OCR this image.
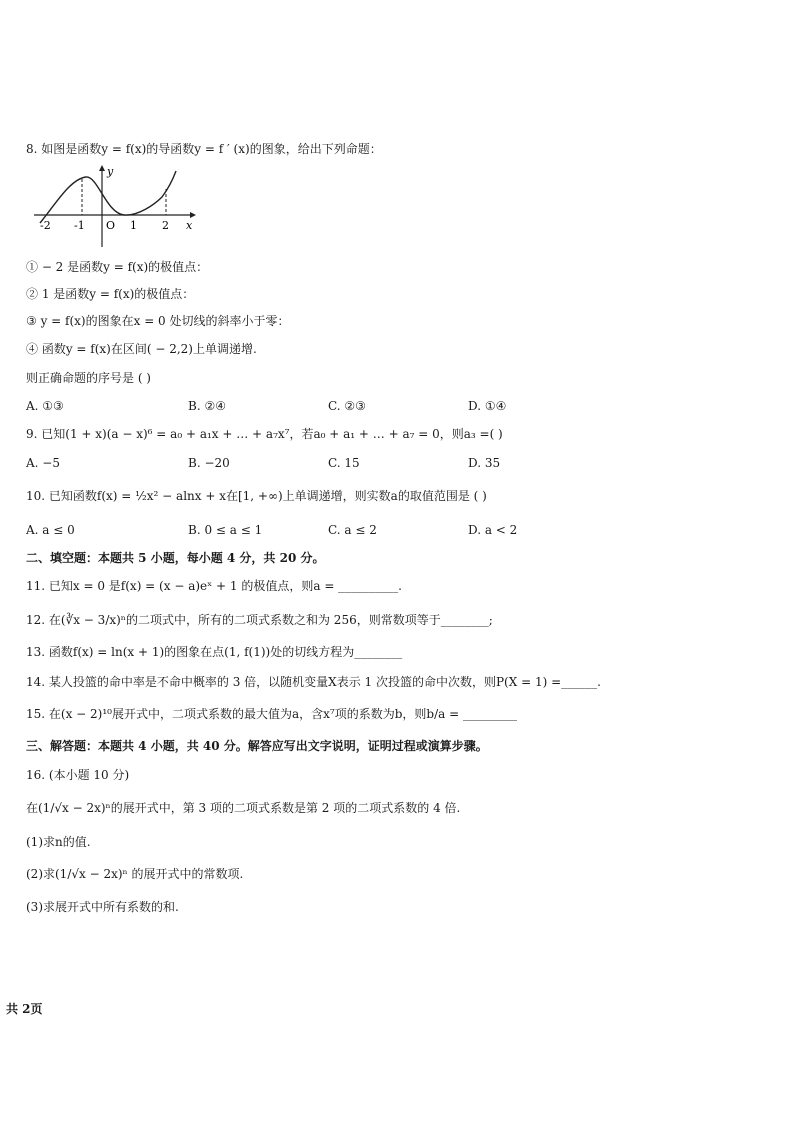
8. 如图是函数y = f(x)的导函数y = f ′ (x)的图象，给出下列命题：
y
x
O
-2 -1	1 2
① − 2 是函数y = f(x)的极值点：
② 1 是函数y = f(x)的极值点：
③ y = f(x)的图象在x = 0 处切线的斜率小于零：
④ 函数y = f(x)在区间( − 2,2)上单调递增.
则正确命题的序号是 ( )
A. ①③	B. ②④	C. ②③	D. ①④
9. 已知(1 + x)(a − x)⁶ = a₀ + a₁x + … + a₇x⁷，若a₀ + a₁ + … + a₇ = 0，则a₃ =( )
A. −5	B. −20	C. 15	D. 35
10. 已知函数f(x) = ½x² − alnx + x在[1, +∞)上单调递增，则实数a的取值范围是 ( )
A. a ≤ 0	B. 0 ≤ a ≤ 1	C. a ≤ 2	D. a < 2
二、填空题：本题共 5 小题，每小题 4 分，共 20 分。
11. 已知x = 0 是f(x) = (x − a)eˣ + 1 的极值点，则a = __________.
12. 在(∛x − 3/x)ⁿ的二项式中，所有的二项式系数之和为 256，则常数项等于________;
13. 函数f(x) = ln(x + 1)的图象在点(1, f(1))处的切线方程为________
14. 某人投篮的命中率是不命中概率的 3 倍，以随机变量X表示 1 次投篮的命中次数，则P(X = 1) =______.
15. 在(x − 2)¹⁰展开式中，二项式系数的最大值为a，含x⁷项的系数为b，则b/a = _________
三、解答题：本题共 4 小题，共 40 分。解答应写出文字说明，证明过程或演算步骤。
16. (本小题 10 分)
在(1/√x − 2x)ⁿ的展开式中，第 3 项的二项式系数是第 2 项的二项式系数的 4 倍.
(1)求n的值.
(2)求(1/√x − 2x)ⁿ 的展开式中的常数项.
(3)求展开式中所有系数的和.
共 2页
